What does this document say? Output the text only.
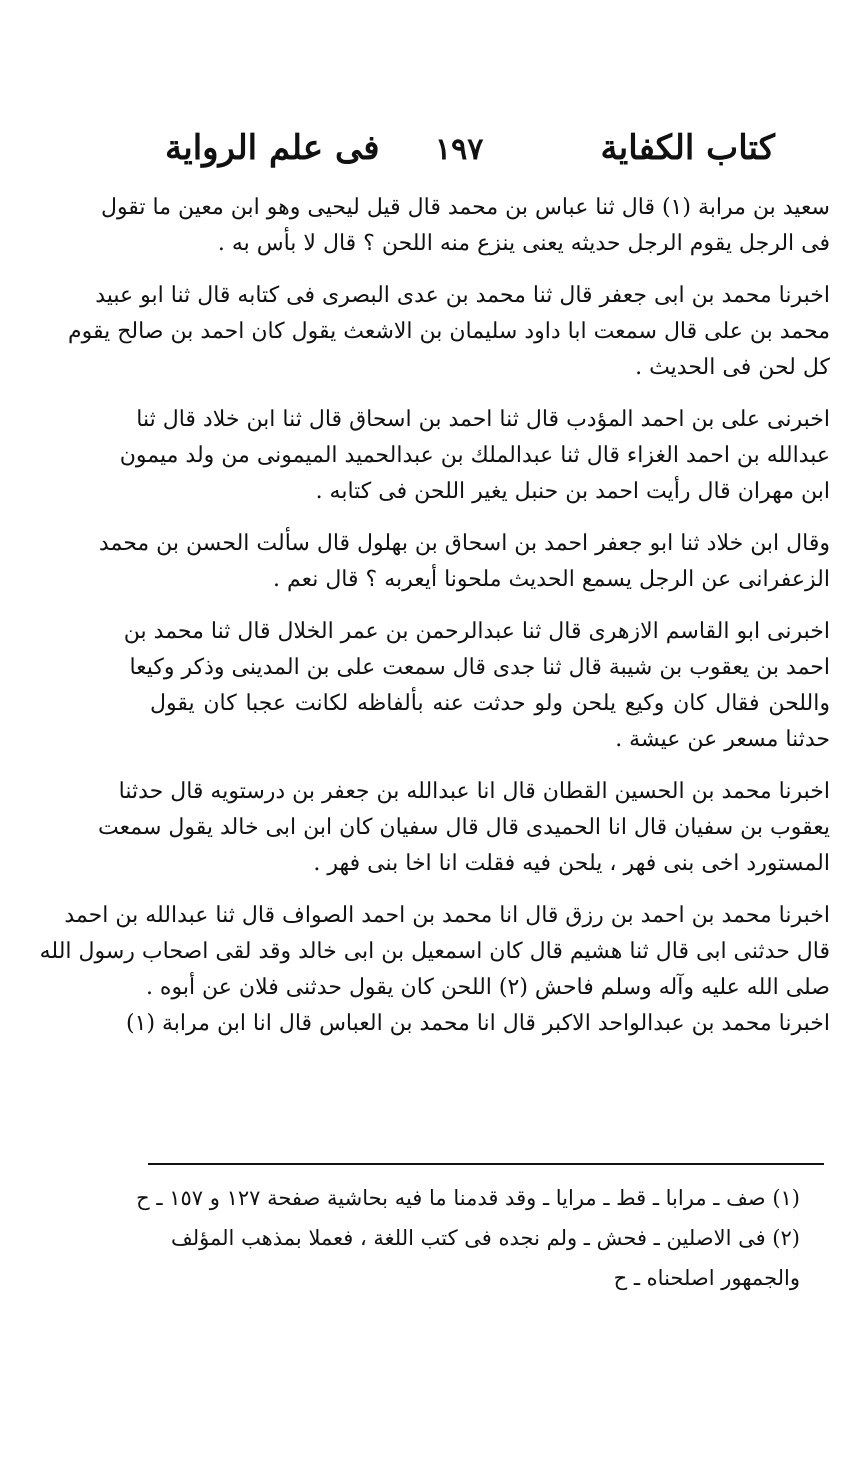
كتاب الكفاية
١٩٧
فى علم الرواية
سعيد بن مرابة (١) قال ثنا عباس بن محمد قال قيل ليحيى وهو ابن معين ما تقول
فى الرجل يقوم الرجل حديثه يعنى ينزع منه اللحن ؟ قال لا بأس به .
اخبرنا محمد بن ابى جعفر قال ثنا محمد بن عدى البصرى فى كتابه قال ثنا ابو عبيد
محمد بن على قال سمعت ابا داود سليمان بن الاشعث يقول كان احمد بن صالح يقوم
كل لحن فى الحديث .
اخبرنى على بن احمد المؤدب قال ثنا احمد بن اسحاق قال ثنا ابن خلاد قال ثنا
عبدالله بن احمد الغزاء قال ثنا عبدالملك بن عبدالحميد الميمونى من ولد ميمون
ابن مهران قال رأيت احمد بن حنبل يغير اللحن فى كتابه .
وقال ابن خلاد ثنا ابو جعفر احمد بن اسحاق بن بهلول قال سألت الحسن بن محمد
الزعفرانى عن الرجل يسمع الحديث ملحونا أيعربه ؟ قال نعم .
اخبرنى ابو القاسم الازهرى قال ثنا عبدالرحمن بن عمر الخلال قال ثنا محمد بن
احمد بن يعقوب بن شيبة قال ثنا جدى قال سمعت على بن المدينى وذكر وكيعا
واللحن فقال كان وكيع يلحن ولو حدثت عنه بألفاظه لكانت عجبا كان يقول
حدثنا مسعر عن عيشة .
اخبرنا محمد بن الحسين القطان قال انا عبدالله بن جعفر بن درستويه قال حدثنا
يعقوب بن سفيان قال انا الحميدى قال قال سفيان كان ابن ابى خالد يقول سمعت
المستورد اخى بنى فهر ، يلحن فيه فقلت انا اخا بنى فهر .
اخبرنا محمد بن احمد بن رزق قال انا محمد بن احمد الصواف قال ثنا عبدالله بن احمد
قال حدثنى ابى قال ثنا هشيم قال كان اسمعيل بن ابى خالد وقد لقى اصحاب رسول الله
صلى الله عليه وآله وسلم فاحش (٢) اللحن كان يقول حدثنى فلان عن أبوه .
اخبرنا محمد بن عبدالواحد الاكبر قال انا محمد بن العباس قال انا ابن مرابة (١)
(١) صف ـ مرابا ـ قط ـ مرايا ـ وقد قدمنا ما فيه بحاشية صفحة ١٢٧ و ١٥٧ ـ ح
(٢) فى الاصلين ـ فحش ـ ولم نجده فى كتب اللغة ، فعملا بمذهب المؤلف
والجمهور اصلحناه ـ ح
